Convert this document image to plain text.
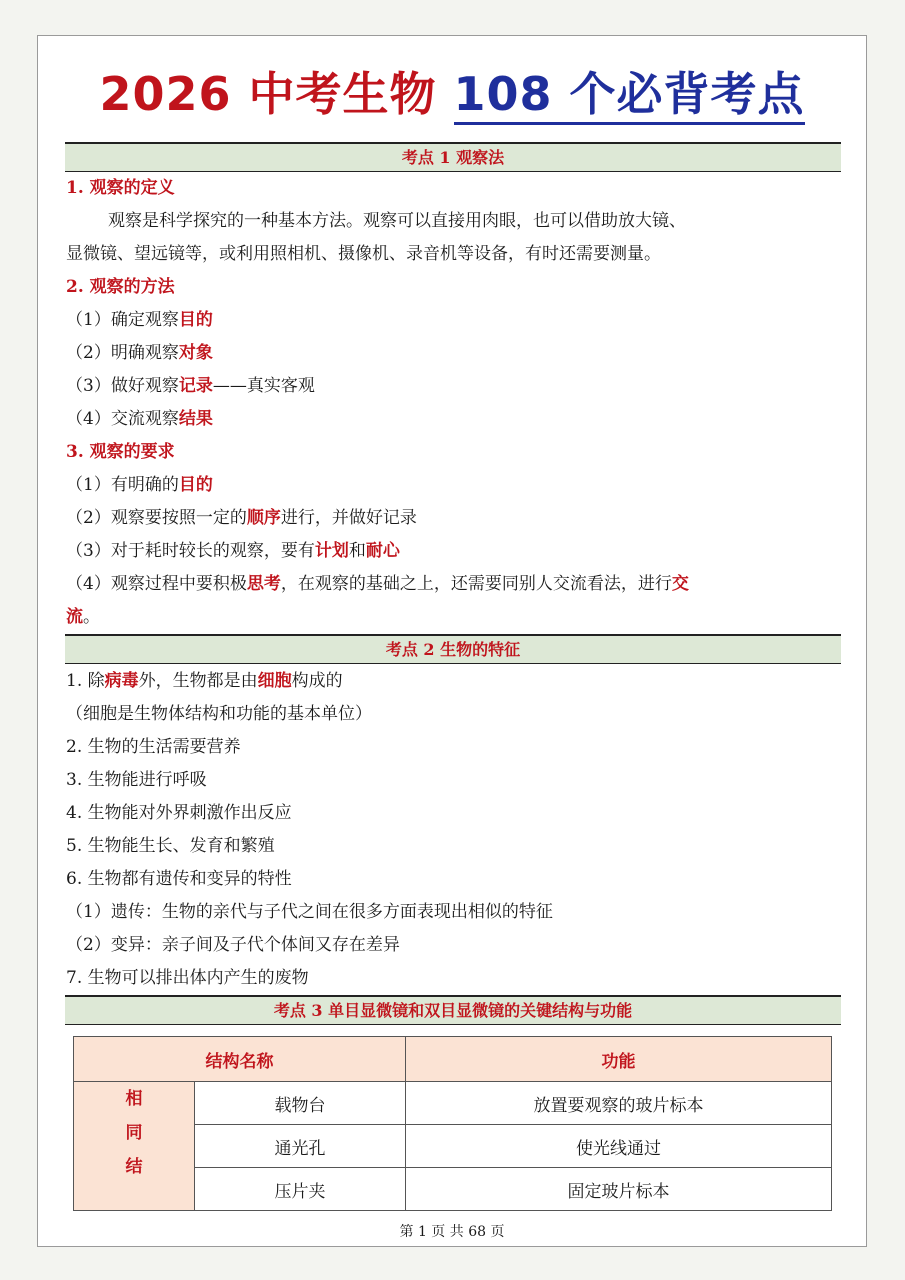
2026 中考生物 108 个必背考点
考点 1 观察法
1. 观察的定义
观察是科学探究的一种基本方法。观察可以直接用肉眼，也可以借助放大镜、
显微镜、望远镜等，或利用照相机、摄像机、录音机等设备，有时还需要测量。
2. 观察的方法
（1）确定观察目的
（2）明确观察对象
（3）做好观察记录——真实客观
（4）交流观察结果
3. 观察的要求
（1）有明确的目的
（2）观察要按照一定的顺序进行，并做好记录
（3）对于耗时较长的观察，要有计划和耐心
（4）观察过程中要积极思考，在观察的基础之上，还需要同别人交流看法，进行交
流。
考点 2 生物的特征
1. 除病毒外，生物都是由细胞构成的
（细胞是生物体结构和功能的基本单位）
2. 生物的生活需要营养
3. 生物能进行呼吸
4. 生物能对外界刺激作出反应
5. 生物能生长、发育和繁殖
6. 生物都有遗传和变异的特性
（1）遗传：生物的亲代与子代之间在很多方面表现出相似的特征
（2）变异：亲子间及子代个体间又存在差异
7. 生物可以排出体内产生的废物
考点 3 单目显微镜和双目显微镜的关键结构与功能
结构名称		功能

相
同
结	载物台	放置要观察的玻片标本
	通光孔	使光线通过
	压片夹	固定玻片标本
第 1 页 共 68 页
